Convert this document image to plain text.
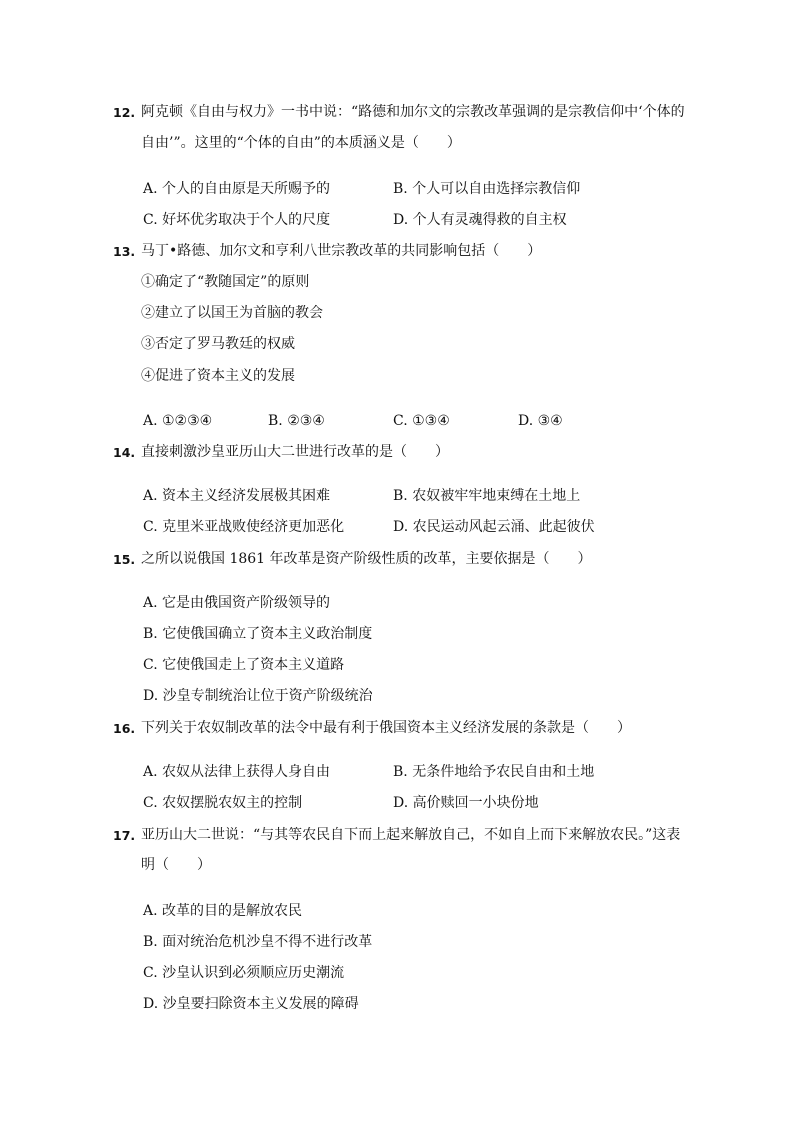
12. 阿克顿《自由与权力》一书中说：“路德和加尔文的宗教改革强调的是宗教信仰中‘个体的
自由’”。这里的“个体的自由”的本质涵义是（　　）
A. 个人的自由原是天所赐予的	B. 个人可以自由选择宗教信仰
C. 好坏优劣取决于个人的尺度	D. 个人有灵魂得救的自主权
13. 马丁•路德、加尔文和亨利八世宗教改革的共同影响包括（　　）
①确定了“教随国定”的原则
②建立了以国王为首脑的教会
③否定了罗马教廷的权威
④促进了资本主义的发展
A. ①②③④	B. ②③④	C. ①③④	D. ③④
14. 直接刺激沙皇亚历山大二世进行改革的是（　　）
A. 资本主义经济发展极其困难	B. 农奴被牢牢地束缚在土地上
C. 克里米亚战败使经济更加恶化	D. 农民运动风起云涌、此起彼伏
15. 之所以说俄国 1861 年改革是资产阶级性质的改革，主要依据是（　　）
A. 它是由俄国资产阶级领导的
B. 它使俄国确立了资本主义政治制度
C. 它使俄国走上了资本主义道路
D. 沙皇专制统治让位于资产阶级统治
16. 下列关于农奴制改革的法令中最有利于俄国资本主义经济发展的条款是（　　）
A. 农奴从法律上获得人身自由	B. 无条件地给予农民自由和土地
C. 农奴摆脱农奴主的控制	D. 高价赎回一小块份地
17. 亚历山大二世说：“与其等农民自下而上起来解放自己，不如自上而下来解放农民。”这表
明（　　）
A. 改革的目的是解放农民
B. 面对统治危机沙皇不得不进行改革
C. 沙皇认识到必须顺应历史潮流
D. 沙皇要扫除资本主义发展的障碍
